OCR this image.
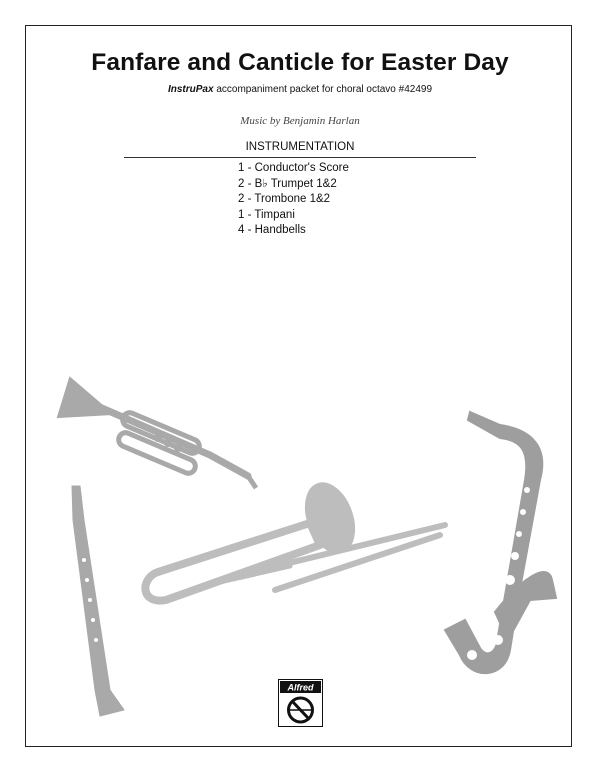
Fanfare and Canticle for Easter Day
InstruPax accompaniment packet for choral octavo #42499
Music by Benjamin Harlan
INSTRUMENTATION
1 - Conductor's Score
2 - B♭ Trumpet 1&2
2 - Trombone 1&2
1 - Timpani
4 - Handbells
Alfred
